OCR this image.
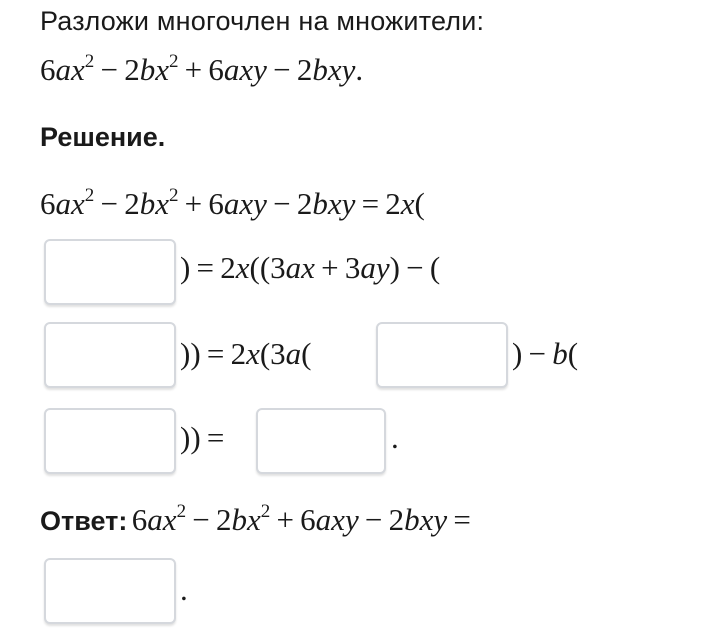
Разложи многочлен на множители:
$6ax^2 - 2bx^2 + 6axy - 2bxy$.
Решение.
$6ax^2 - 2bx^2 + 6axy - 2bxy = 2x$(
)  =  2x((3ax  +  3ay)  −  (
))  =  2x(3a(	)  −  b(
))  =	.
Ответ: $6ax^2 - 2bx^2 + 6axy - 2bxy$  =
.
